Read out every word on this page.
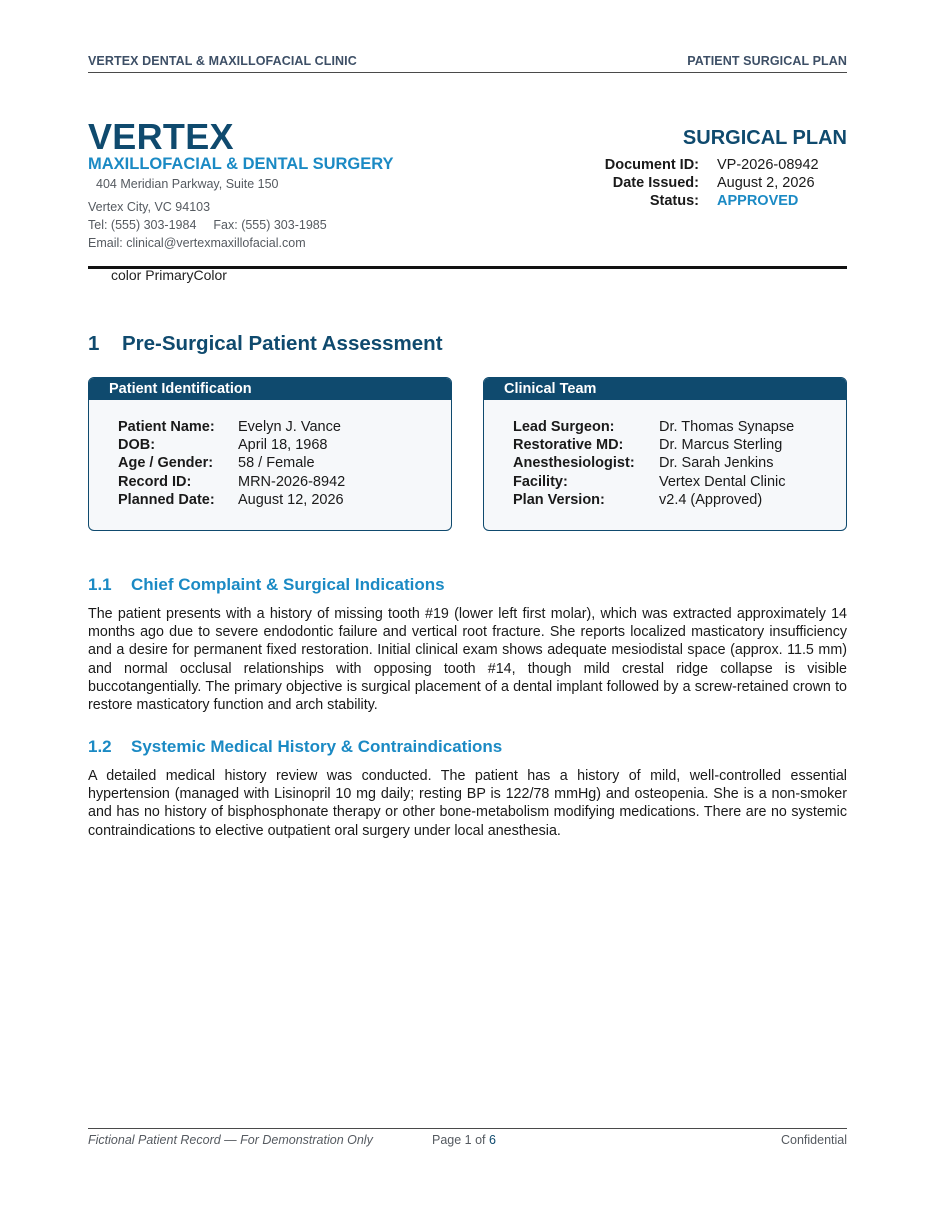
VERTEX DENTAL & MAXILLOFACIAL CLINIC	PATIENT SURGICAL PLAN
VERTEX
MAXILLOFACIAL & DENTAL SURGERY
404 Meridian Parkway, Suite 150
Vertex City, VC 94103
Tel: (555) 303-1984 Fax: (555) 303-1985
Email: clinical@vertexmaxillofacial.com
SURGICAL PLAN
Document ID:	VP-2026-08942
Date Issued:	August 2, 2026
Status:	APPROVED
color PrimaryColor
1 Pre-Surgical Patient Assessment
Patient Identification
Patient Name:	Evelyn J. Vance
DOB:	April 18, 1968
Age / Gender:	58 / Female
Record ID:	MRN-2026-8942
Planned Date:	August 12, 2026
Clinical Team
Lead Surgeon:	Dr. Thomas Synapse
Restorative MD:	Dr. Marcus Sterling
Anesthesiologist:	Dr. Sarah Jenkins
Facility:	Vertex Dental Clinic
Plan Version:	v2.4 (Approved)
1.1 Chief Complaint & Surgical Indications
The patient presents with a history of missing tooth #19 (lower left first molar), which was extracted approximately 14 months ago due to severe endodontic failure and vertical root fracture. She reports localized masticatory insufficiency and a desire for permanent fixed restoration. Initial clinical exam shows adequate mesiodistal space (approx. 11.5 mm) and normal occlusal relationships with opposing tooth #14, though mild crestal ridge collapse is visible buccotangentially. The primary objective is surgical placement of a dental implant followed by a screw-retained crown to restore masticatory function and arch stability.
1.2 Systemic Medical History & Contraindications
A detailed medical history review was conducted. The patient has a history of mild, well-controlled essential hypertension (managed with Lisinopril 10 mg daily; resting BP is 122/78 mmHg) and osteopenia. She is a non-smoker and has no history of bisphosphonate therapy or other bone-metabolism modifying medications. There are no systemic contraindications to elective outpatient oral surgery under local anesthesia.
Fictional Patient Record — For Demonstration Only	Page 1 of 6	Confidential
